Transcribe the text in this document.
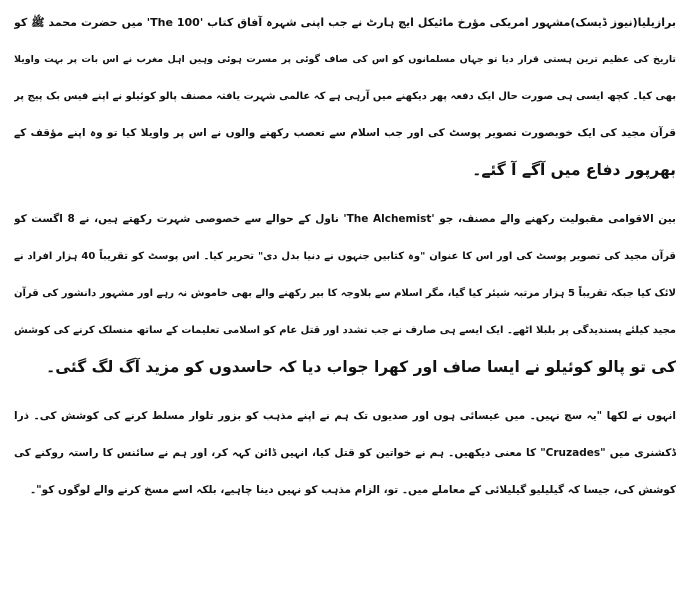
برازیلیا(نیوز ڈیسک)مشہور امریکی مؤرخ مائیکل ایچ ہارٹ نے جب اپنی شہرہ آفاق کتاب 'The 100' میں حضرت محمد ﷺ کو
تاریخ کی عظیم ترین ہستی قرار دیا تو جہاں مسلمانوں کو اس کی صاف گوئی پر مسرت ہوئی وہیں اہل مغرب نے اس بات پر بہت واویلا
بھی کیا۔ کچھ ایسی ہی صورت حال ایک دفعہ پھر دیکھنے میں آرہی ہے کہ عالمی شہرت یافتہ مصنف پالو کوئیلو نے اپنے فیس بک پیج پر
قرآن مجید کی ایک خوبصورت تصویر پوسٹ کی اور جب اسلام سے تعصب رکھنے والوں نے اس پر واویلا کیا تو وہ اپنے مؤقف کے
بھرپور دفاع میں آگے آ گئے۔

بین الاقوامی مقبولیت رکھنے والے مصنف، جو 'The Alchemist' ناول کے حوالے سے خصوصی شہرت رکھتے ہیں، نے 8 اگست کو
قرآن مجید کی تصویر پوسٹ کی اور اس کا عنوان "وہ کتابیں جنہوں نے دنیا بدل دی" تحریر کیا۔ اس پوسٹ کو تقریباً 40 ہزار افراد نے
لائک کیا جبکہ تقریباً 5 ہزار مرتبہ شیئر کیا گیا، مگر اسلام سے بلاوجہ کا بیر رکھنے والے بھی خاموش نہ رہے اور مشہور دانشور کی قرآن
مجید کیلئے پسندیدگی پر بلبلا اٹھے۔ ایک ایسے ہی صارف نے جب تشدد اور قتل عام کو اسلامی تعلیمات کے ساتھ منسلک کرنے کی کوشش
کی تو پالو کوئیلو نے ایسا صاف اور کھرا جواب دیا کہ حاسدوں کو مزید آگ لگ گئی۔

انہوں نے لکھا "یہ سچ نہیں۔ میں عیسائی ہوں اور صدیوں تک ہم نے اپنے مذہب کو بزور تلوار مسلط کرنے کی کوشش کی۔ ذرا
ڈکشنری میں "Cruzades" کا معنی دیکھیں۔ ہم نے خواتین کو قتل کیا، انہیں ڈائن کہہ کر، اور ہم نے سائنس کا راستہ روکنے کی
کوشش کی، جیسا کہ گیلیلیو گیلیلائی کے معاملے میں۔ تو، الزام مذہب کو نہیں دینا چاہیے، بلکہ اسے مسخ کرنے والے لوگوں کو"۔
